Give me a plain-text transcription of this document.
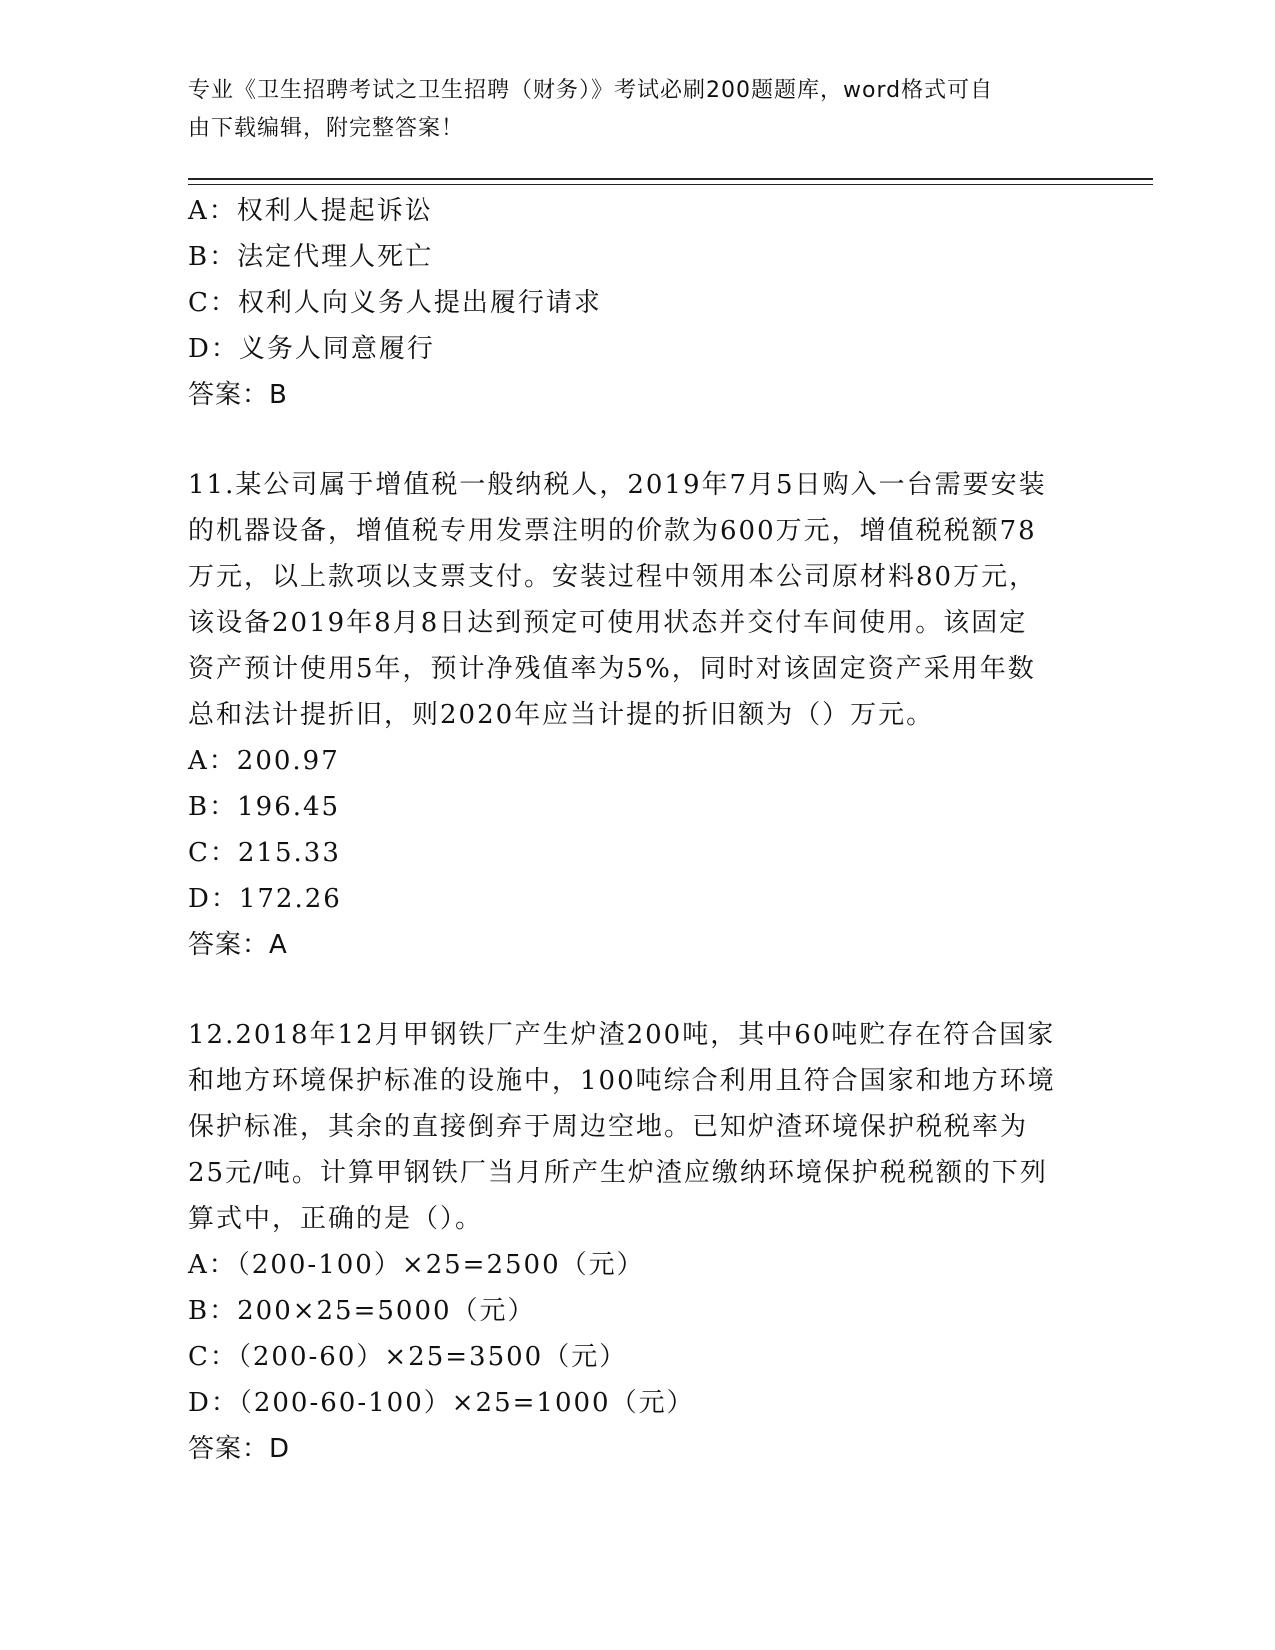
专业《卫生招聘考试之卫生招聘（财务）》考试必刷200题题库，word格式可自
由下载编辑，附完整答案！
A：权利人提起诉讼
B：法定代理人死亡
C：权利人向义务人提出履行请求
D：义务人同意履行
答案：B
11.某公司属于增值税一般纳税人，2019年7月5日购入一台需要安装
的机器设备，增值税专用发票注明的价款为600万元，增值税税额78
万元，以上款项以支票支付。安装过程中领用本公司原材料80万元，
该设备2019年8月8日达到预定可使用状态并交付车间使用。该固定
资产预计使用5年，预计净残值率为5%，同时对该固定资产采用年数
总和法计提折旧，则2020年应当计提的折旧额为（）万元。
A：200.97
B：196.45
C：215.33
D：172.26
答案：A
12.2018年12月甲钢铁厂产生炉渣200吨，其中60吨贮存在符合国家
和地方环境保护标准的设施中，100吨综合利用且符合国家和地方环境
保护标准，其余的直接倒弃于周边空地。已知炉渣环境保护税税率为
25元/吨。计算甲钢铁厂当月所产生炉渣应缴纳环境保护税税额的下列
算式中，正确的是（）。
A：（200-100）×25=2500（元）
B：200×25=5000（元）
C：（200-60）×25=3500（元）
D：（200-60-100）×25=1000（元）
答案：D
